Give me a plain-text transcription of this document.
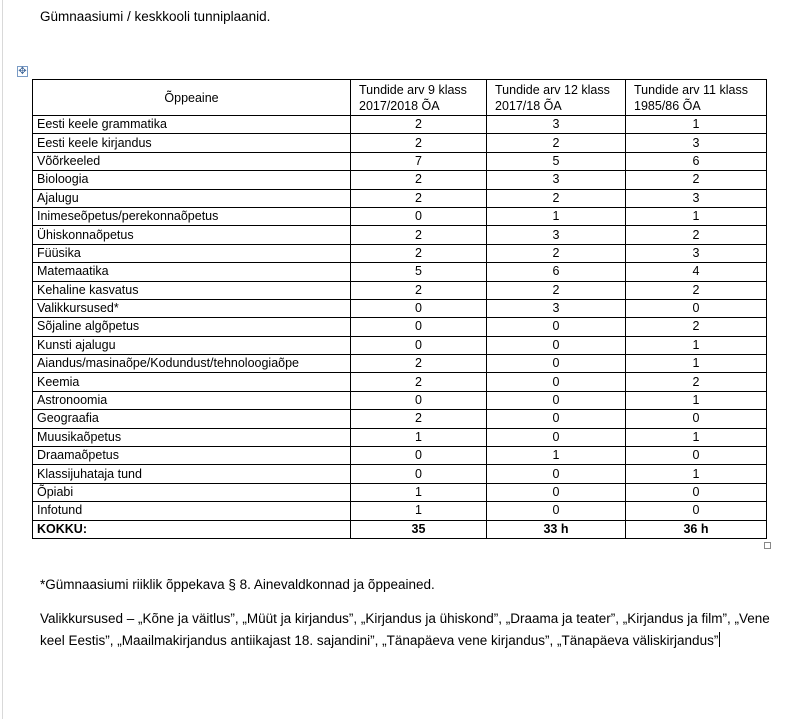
Gümnaasiumi / keskkooli tunniplaanid.
✥
Õppeaine	Tundide arv 9 klass 2017/2018 ÕA	Tundide arv 12 klass 2017/18 ÕA	Tundide arv 11 klass 1985/86 ÕA
Eesti keele grammatika	2	3	1
Eesti keele kirjandus	2	2	3
Võõrkeeled	7	5	6
Bioloogia	2	3	2
Ajalugu	2	2	3
Inimeseõpetus/perekonnaõpetus	0	1	1
Ühiskonnaõpetus	2	3	2
Füüsika	2	2	3
Matemaatika	5	6	4
Kehaline kasvatus	2	2	2
Valikkursused*	0	3	0
Sõjaline algõpetus	0	0	2
Kunsti ajalugu	0	0	1
Aiandus/masinaõpe/Kodundust/tehnoloogiaõpe	2	0	1
Keemia	2	0	2
Astronoomia	0	0	1
Geograafia	2	0	0
Muusikaõpetus	1	0	1
Draamaõpetus	0	1	0
Klassijuhataja tund	0	0	1
Õpiabi	1	0	0
Infotund	1	0	0
KOKKU:	35	33 h	36 h
*Gümnaasiumi riiklik õppekava § 8. Ainevaldkonnad ja õppeained.
Valikkursused – „Kõne ja väitlus”, „Müüt ja kirjandus”, „Kirjandus ja ühiskond”, „Draama ja teater”, „Kirjandus ja film”, „Vene keel Eestis”, „Maailmakirjandus antiikajast 18. sajandini”, „Tänapäeva vene kirjandus”, „Tänapäeva väliskirjandus”
